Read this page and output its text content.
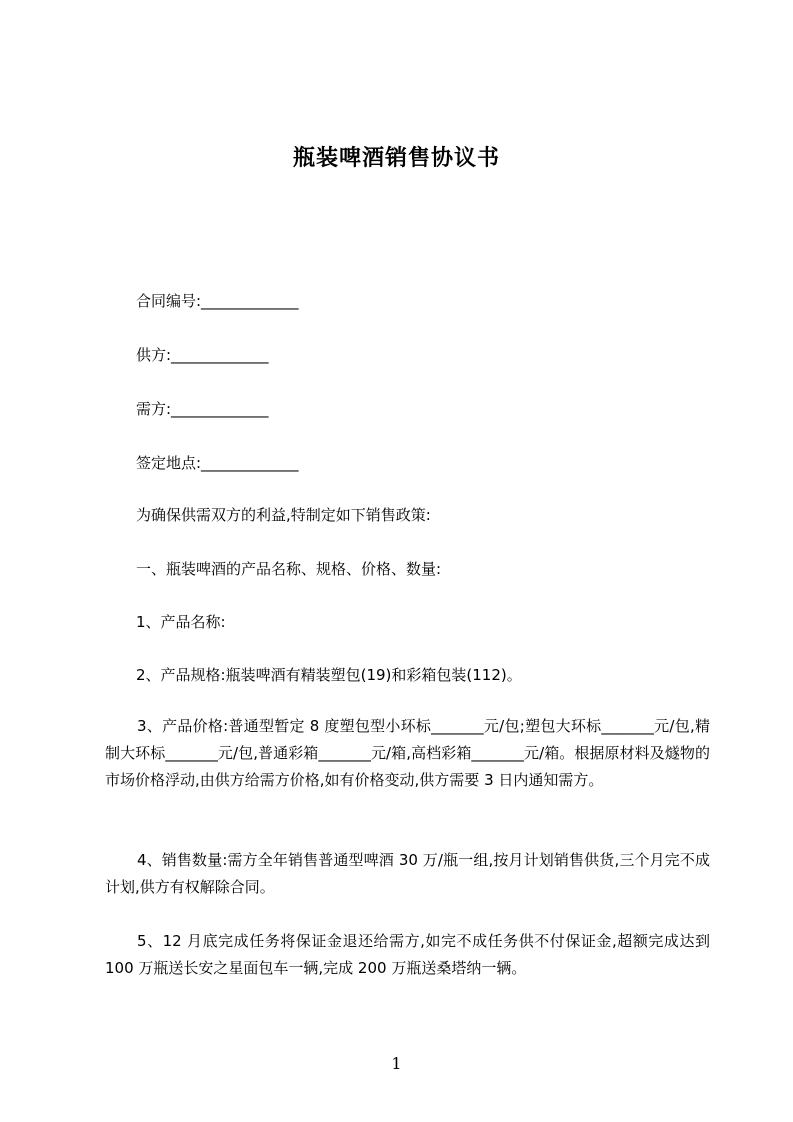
瓶装啤酒销售协议书
合同编号:_____________
供方:_____________
需方:_____________
签定地点:_____________
为确保供需双方的利益,特制定如下销售政策:
一、瓶装啤酒的产品名称、规格、价格、数量:
1、产品名称:
2、产品规格:瓶装啤酒有精装塑包(19)和彩箱包装(112)。
3、产品价格:普通型暂定 8 度塑包型小环标_______元/包;塑包大环标_______元/包,精制大环标_______元/包,普通彩箱_______元/箱,高档彩箱_______元/箱。根据原材料及燧物的市场价格浮动,由供方给需方价格,如有价格变动,供方需要 3 日内通知需方。
4、销售数量:需方全年销售普通型啤酒 30 万/瓶一组,按月计划销售供货,三个月完不成计划,供方有权解除合同。
5、12 月底完成任务将保证金退还给需方,如完不成任务供不付保证金,超额完成达到 100 万瓶送长安之星面包车一辆,完成 200 万瓶送桑塔纳一辆。
1
